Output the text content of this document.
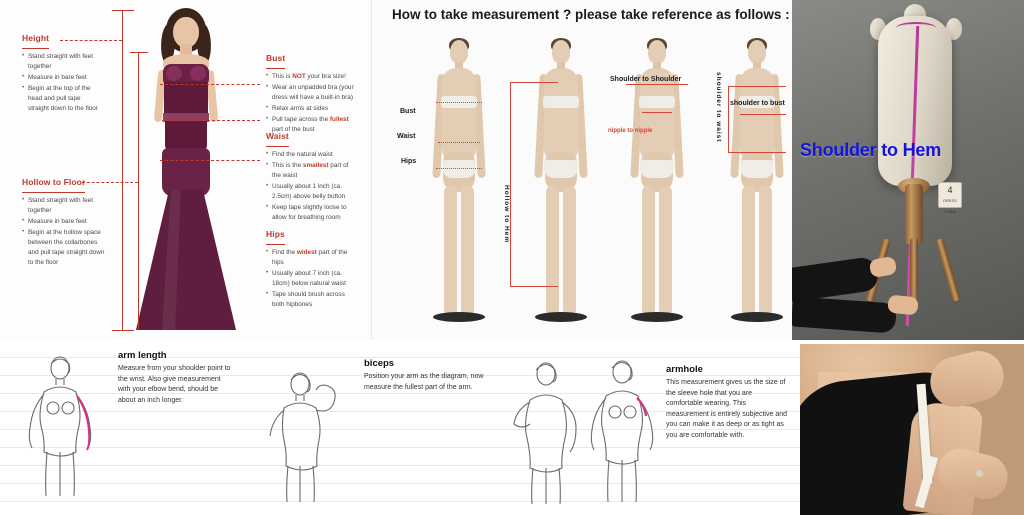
Height
• Stand straight with feet together
• Measure in bare feet
• Begin at the top of the head and pull tape straight down to the floor
Hollow to Floor
• Stand straight with feet together
• Measure in bare feet
• Begin at the hollow space between the collarbones and pull tape straight down to the floor
Bust
• This is NOT your bra size!
• Wear an unpadded bra (your dress will have a built-in bra)
• Relax arms at sides
• Pull tape across the fullest part of the bust
Waist
• Find the natural waist
• This is the smallest part of the waist
• Usually about 1 inch (ca. 2.5cm) above belly button
• Keep tape slightly loose to allow for breathing room
Hips
• Find the widest part of the hips
• Usually about 7 inch (ca. 18cm) below natural waist
• Tape should brush across both hipbones
How to take measurement ? please take reference as follows :
Bust
Waist
Hips
Hollow to Hem
Shoulder to Shoulder
nipple to nipple	shoulder to waist shoulder to bust
4
DRESS FORM
Shoulder to Hem
arm length

Measure from your shoulder point to the wrist. Also give measurement with your elbow bend, should be about an inch longer.

biceps

Position your arm as the diagram, now measure the fullest part of the arm.

armhole

This measurement gives us the size of the sleeve hole that you are comfortable wearing. This measurement is entirely subjective and you can make it as deep or as tight as you are comfortable with.
